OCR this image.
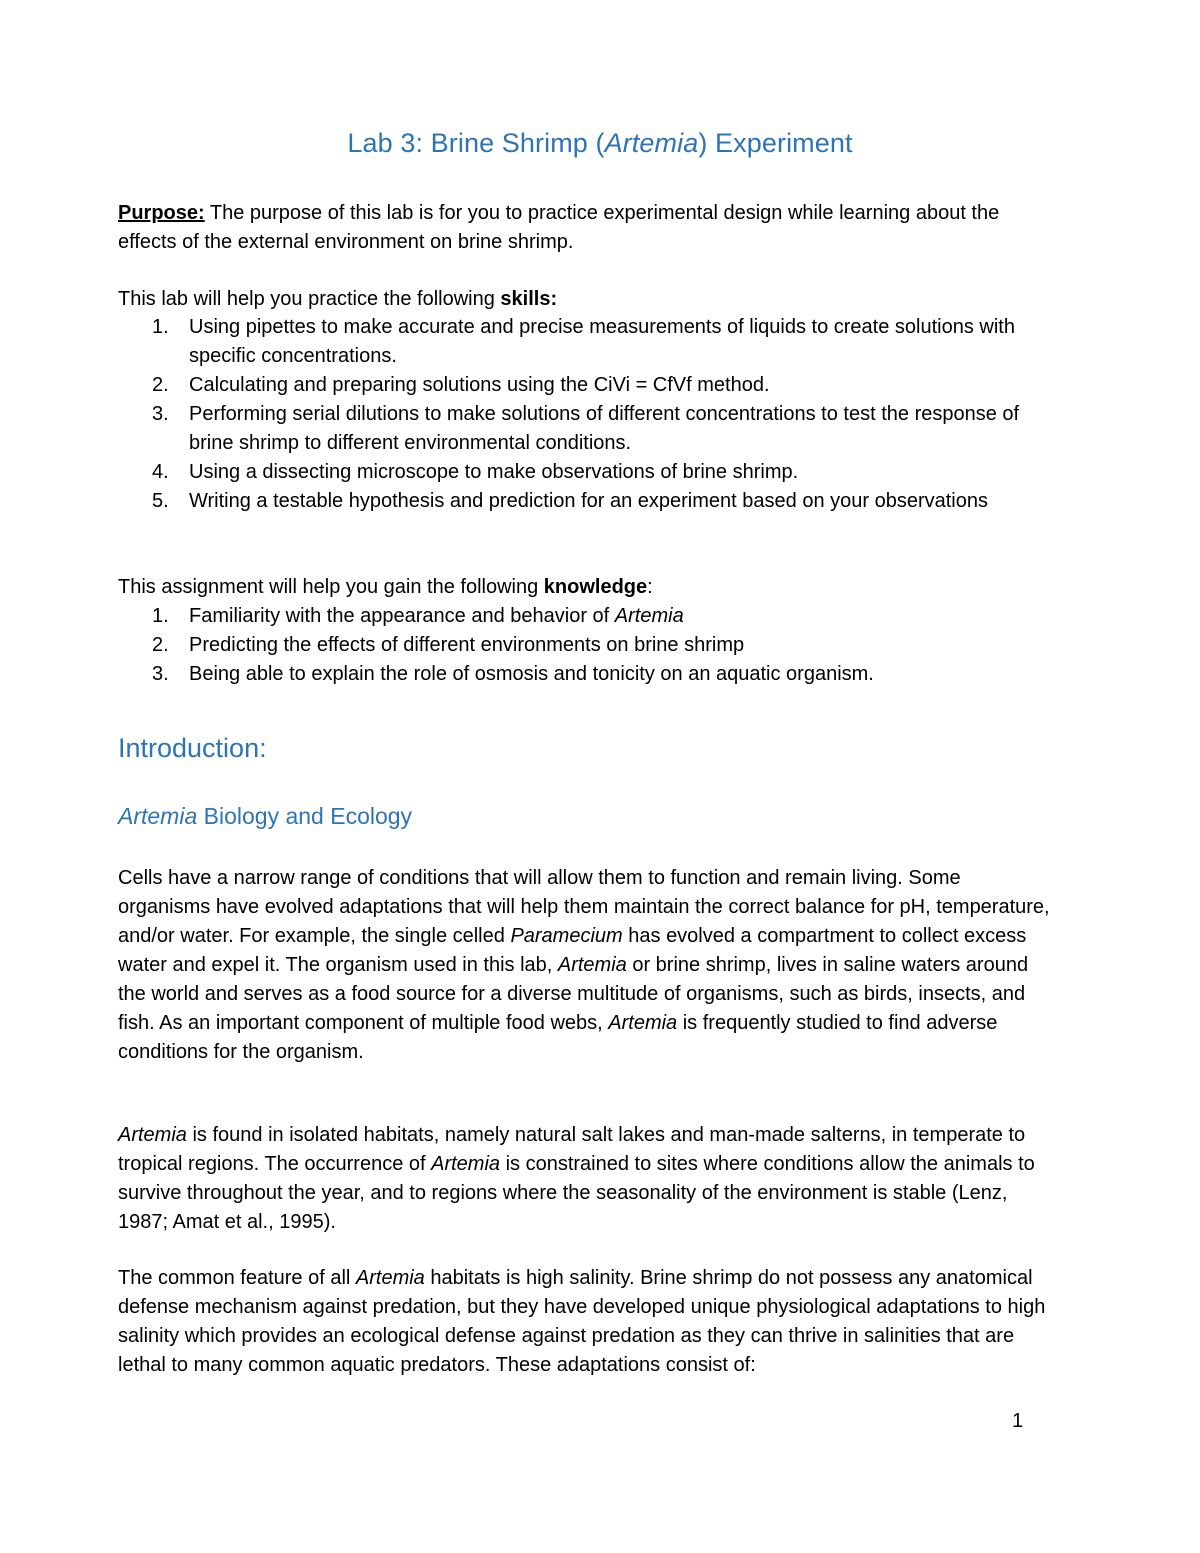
Lab 3: Brine Shrimp (Artemia) Experiment
Purpose: The purpose of this lab is for you to practice experimental design while learning about the effects of the external environment on brine shrimp.
This lab will help you practice the following skills:
1. Using pipettes to make accurate and precise measurements of liquids to create solutions with specific concentrations.
2. Calculating and preparing solutions using the CiVi = CfVf method.
3. Performing serial dilutions to make solutions of different concentrations to test the response of brine shrimp to different environmental conditions.
4. Using a dissecting microscope to make observations of brine shrimp.
5. Writing a testable hypothesis and prediction for an experiment based on your observations
This assignment will help you gain the following knowledge:
1. Familiarity with the appearance and behavior of Artemia
2. Predicting the effects of different environments on brine shrimp
3. Being able to explain the role of osmosis and tonicity on an aquatic organism.
Introduction:
Artemia Biology and Ecology
Cells have a narrow range of conditions that will allow them to function and remain living. Some organisms have evolved adaptations that will help them maintain the correct balance for pH, temperature, and/or water. For example, the single celled Paramecium has evolved a compartment to collect excess water and expel it. The organism used in this lab, Artemia or brine shrimp, lives in saline waters around the world and serves as a food source for a diverse multitude of organisms, such as birds, insects, and fish. As an important component of multiple food webs, Artemia is frequently studied to find adverse conditions for the organism.
Artemia is found in isolated habitats, namely natural salt lakes and man-made salterns, in temperate to tropical regions. The occurrence of Artemia is constrained to sites where conditions allow the animals to survive throughout the year, and to regions where the seasonality of the environment is stable (Lenz, 1987; Amat et al., 1995).
The common feature of all Artemia habitats is high salinity. Brine shrimp do not possess any anatomical defense mechanism against predation, but they have developed unique physiological adaptations to high salinity which provides an ecological defense against predation as they can thrive in salinities that are lethal to many common aquatic predators. These adaptations consist of:
1
